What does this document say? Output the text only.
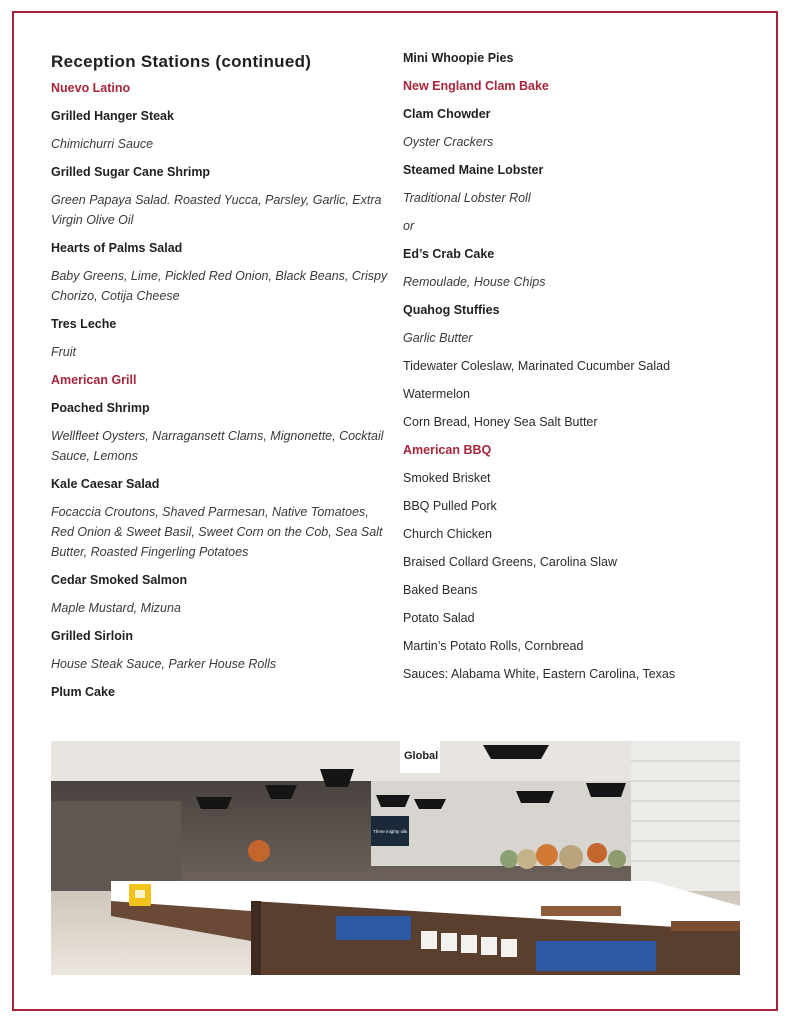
Reception Stations (continued)
Nuevo Latino
Grilled Hanger Steak
Chimichurri Sauce
Grilled Sugar Cane Shrimp
Green Papaya Salad. Roasted Yucca, Parsley, Garlic, Extra Virgin Olive Oil
Hearts of Palms Salad
Baby Greens, Lime, Pickled Red Onion, Black Beans, Crispy Chorizo, Cotija Cheese
Tres Leche
Fruit
American Grill
Poached Shrimp
Wellfleet Oysters, Narragansett Clams, Mignonette, Cocktail Sauce, Lemons
Kale Caesar Salad
Focaccia Croutons, Shaved Parmesan, Native Tomatoes, Red Onion & Sweet Basil, Sweet Corn on the Cob, Sea Salt Butter, Roasted Fingerling Potatoes
Cedar Smoked Salmon
Maple Mustard, Mizuna
Grilled Sirloin
House Steak Sauce, Parker House Rolls
Plum Cake
Mini Whoopie Pies
New England Clam Bake
Clam Chowder
Oyster Crackers
Steamed Maine Lobster
Traditional Lobster Roll
or
Ed’s Crab Cake
Remoulade, House Chips
Quahog Stuffies
Garlic Butter
Tidewater Coleslaw, Marinated Cucumber Salad
Watermelon
Corn Bread, Honey Sea Salt Butter
American BBQ
Smoked Brisket
BBQ Pulled Pork
Church Chicken
Braised Collard Greens, Carolina Slaw
Baked Beans
Potato Salad
Martin’s Potato Rolls, Cornbread
Sauces: Alabama White, Eastern Carolina, Texas
Global
Three mighty oils
